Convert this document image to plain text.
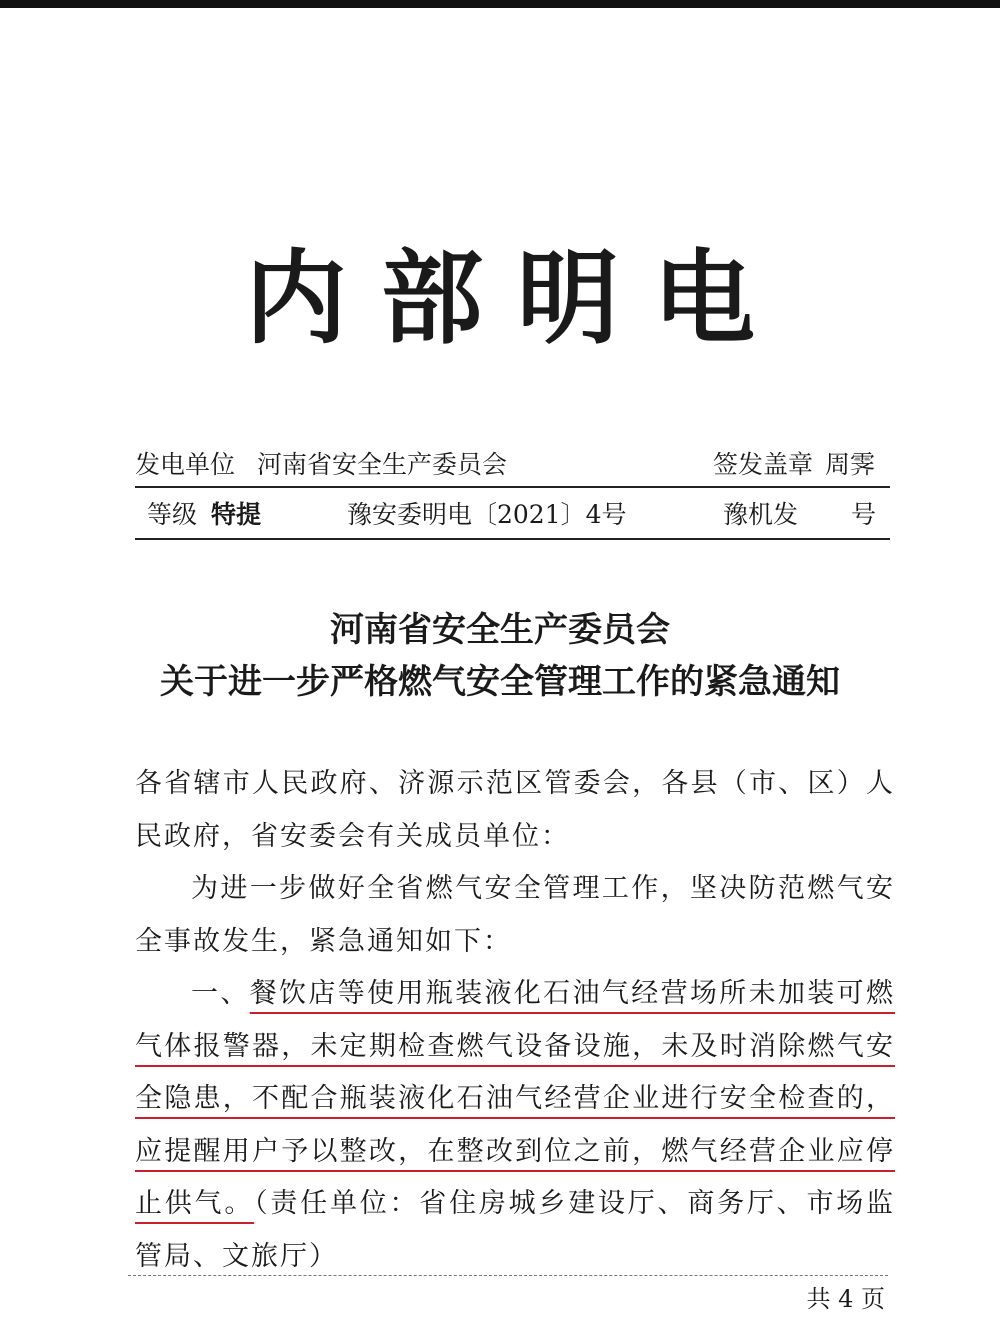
内部明电
发电单位 河南省安全生产委员会	签发盖章 周霁
等级 特提	豫安委明电〔2021〕4号	豫机发 号
河南省安全生产委员会
关于进一步严格燃气安全管理工作的紧急通知

各省辖市人民政府、济源示范区管委会，各县（市、区）人民政府，省安委会有关成员单位：

为进一步做好全省燃气安全管理工作，坚决防范燃气安全事故发生，紧急通知如下：

一、餐饮店等使用瓶装液化石油气经营场所未加装可燃气体报警器，未定期检查燃气设备设施，未及时消除燃气安全隐患，不配合瓶装液化石油气经营企业进行安全检查的，应提醒用户予以整改，在整改到位之前，燃气经营企业应停止供气。（责任单位：省住房城乡建设厅、商务厅、市场监管局、文旅厅）

共 4 页
